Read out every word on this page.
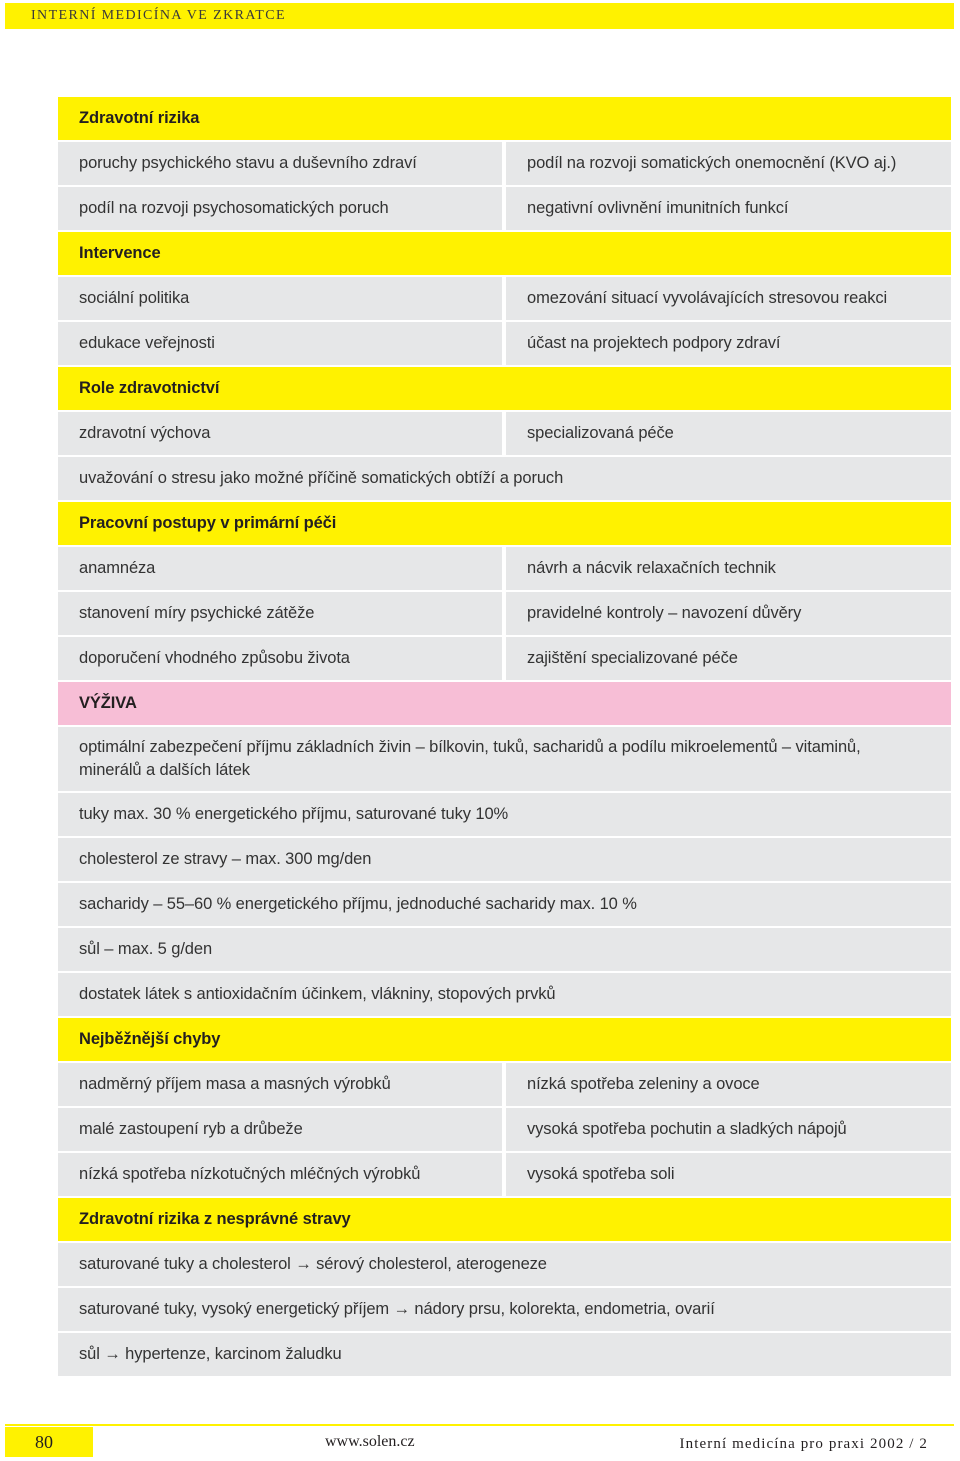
INTERNÍ MEDICÍNA VE ZKRATCE
Zdravotní rizika
poruchy psychického stavu a duševního zdraví	podíl na rozvoji somatických onemocnění (KVO aj.)
podíl na rozvoji psychosomatických poruch	negativní ovlivnění imunitních funkcí
Intervence
sociální politika	omezování situací vyvolávajících stresovou reakci
edukace veřejnosti	účast na projektech podpory zdraví
Role zdravotnictví
zdravotní výchova	specializovaná péče
uvažování o stresu jako možné příčině somatických obtíží a poruch
Pracovní postupy v primární péči
anamnéza	návrh a nácvik relaxačních technik
stanovení míry psychické zátěže	pravidelné kontroly – navození důvěry
doporučení vhodného způsobu života	zajištění specializované péče
VÝŽIVA
optimální zabezpečení příjmu základních živin – bílkovin, tuků, sacharidů a podílu mikroelementů – vitaminů, minerálů a dalších látek
tuky max. 30 % energetického příjmu, saturované tuky 10%
cholesterol ze stravy – max. 300 mg/den
sacharidy – 55–60 % energetického příjmu, jednoduché sacharidy max. 10 %
sůl – max. 5 g/den
dostatek látek s antioxidačním účinkem, vlákniny, stopových prvků
Nejběžnější chyby
nadměrný příjem masa a masných výrobků	nízká spotřeba zeleniny a ovoce
malé zastoupení ryb a drůbeže	vysoká spotřeba pochutin a sladkých nápojů
nízká spotřeba nízkotučných mléčných výrobků	vysoká spotřeba soli
Zdravotní rizika z nesprávné stravy
saturované tuky a cholesterol → sérový cholesterol, aterogeneze
saturované tuky, vysoký energetický příjem → nádory prsu, kolorekta, endometria, ovarií
sůl → hypertenze, karcinom žaludku
80	www.solen.cz	Interní medicína pro praxi 2002 / 2
